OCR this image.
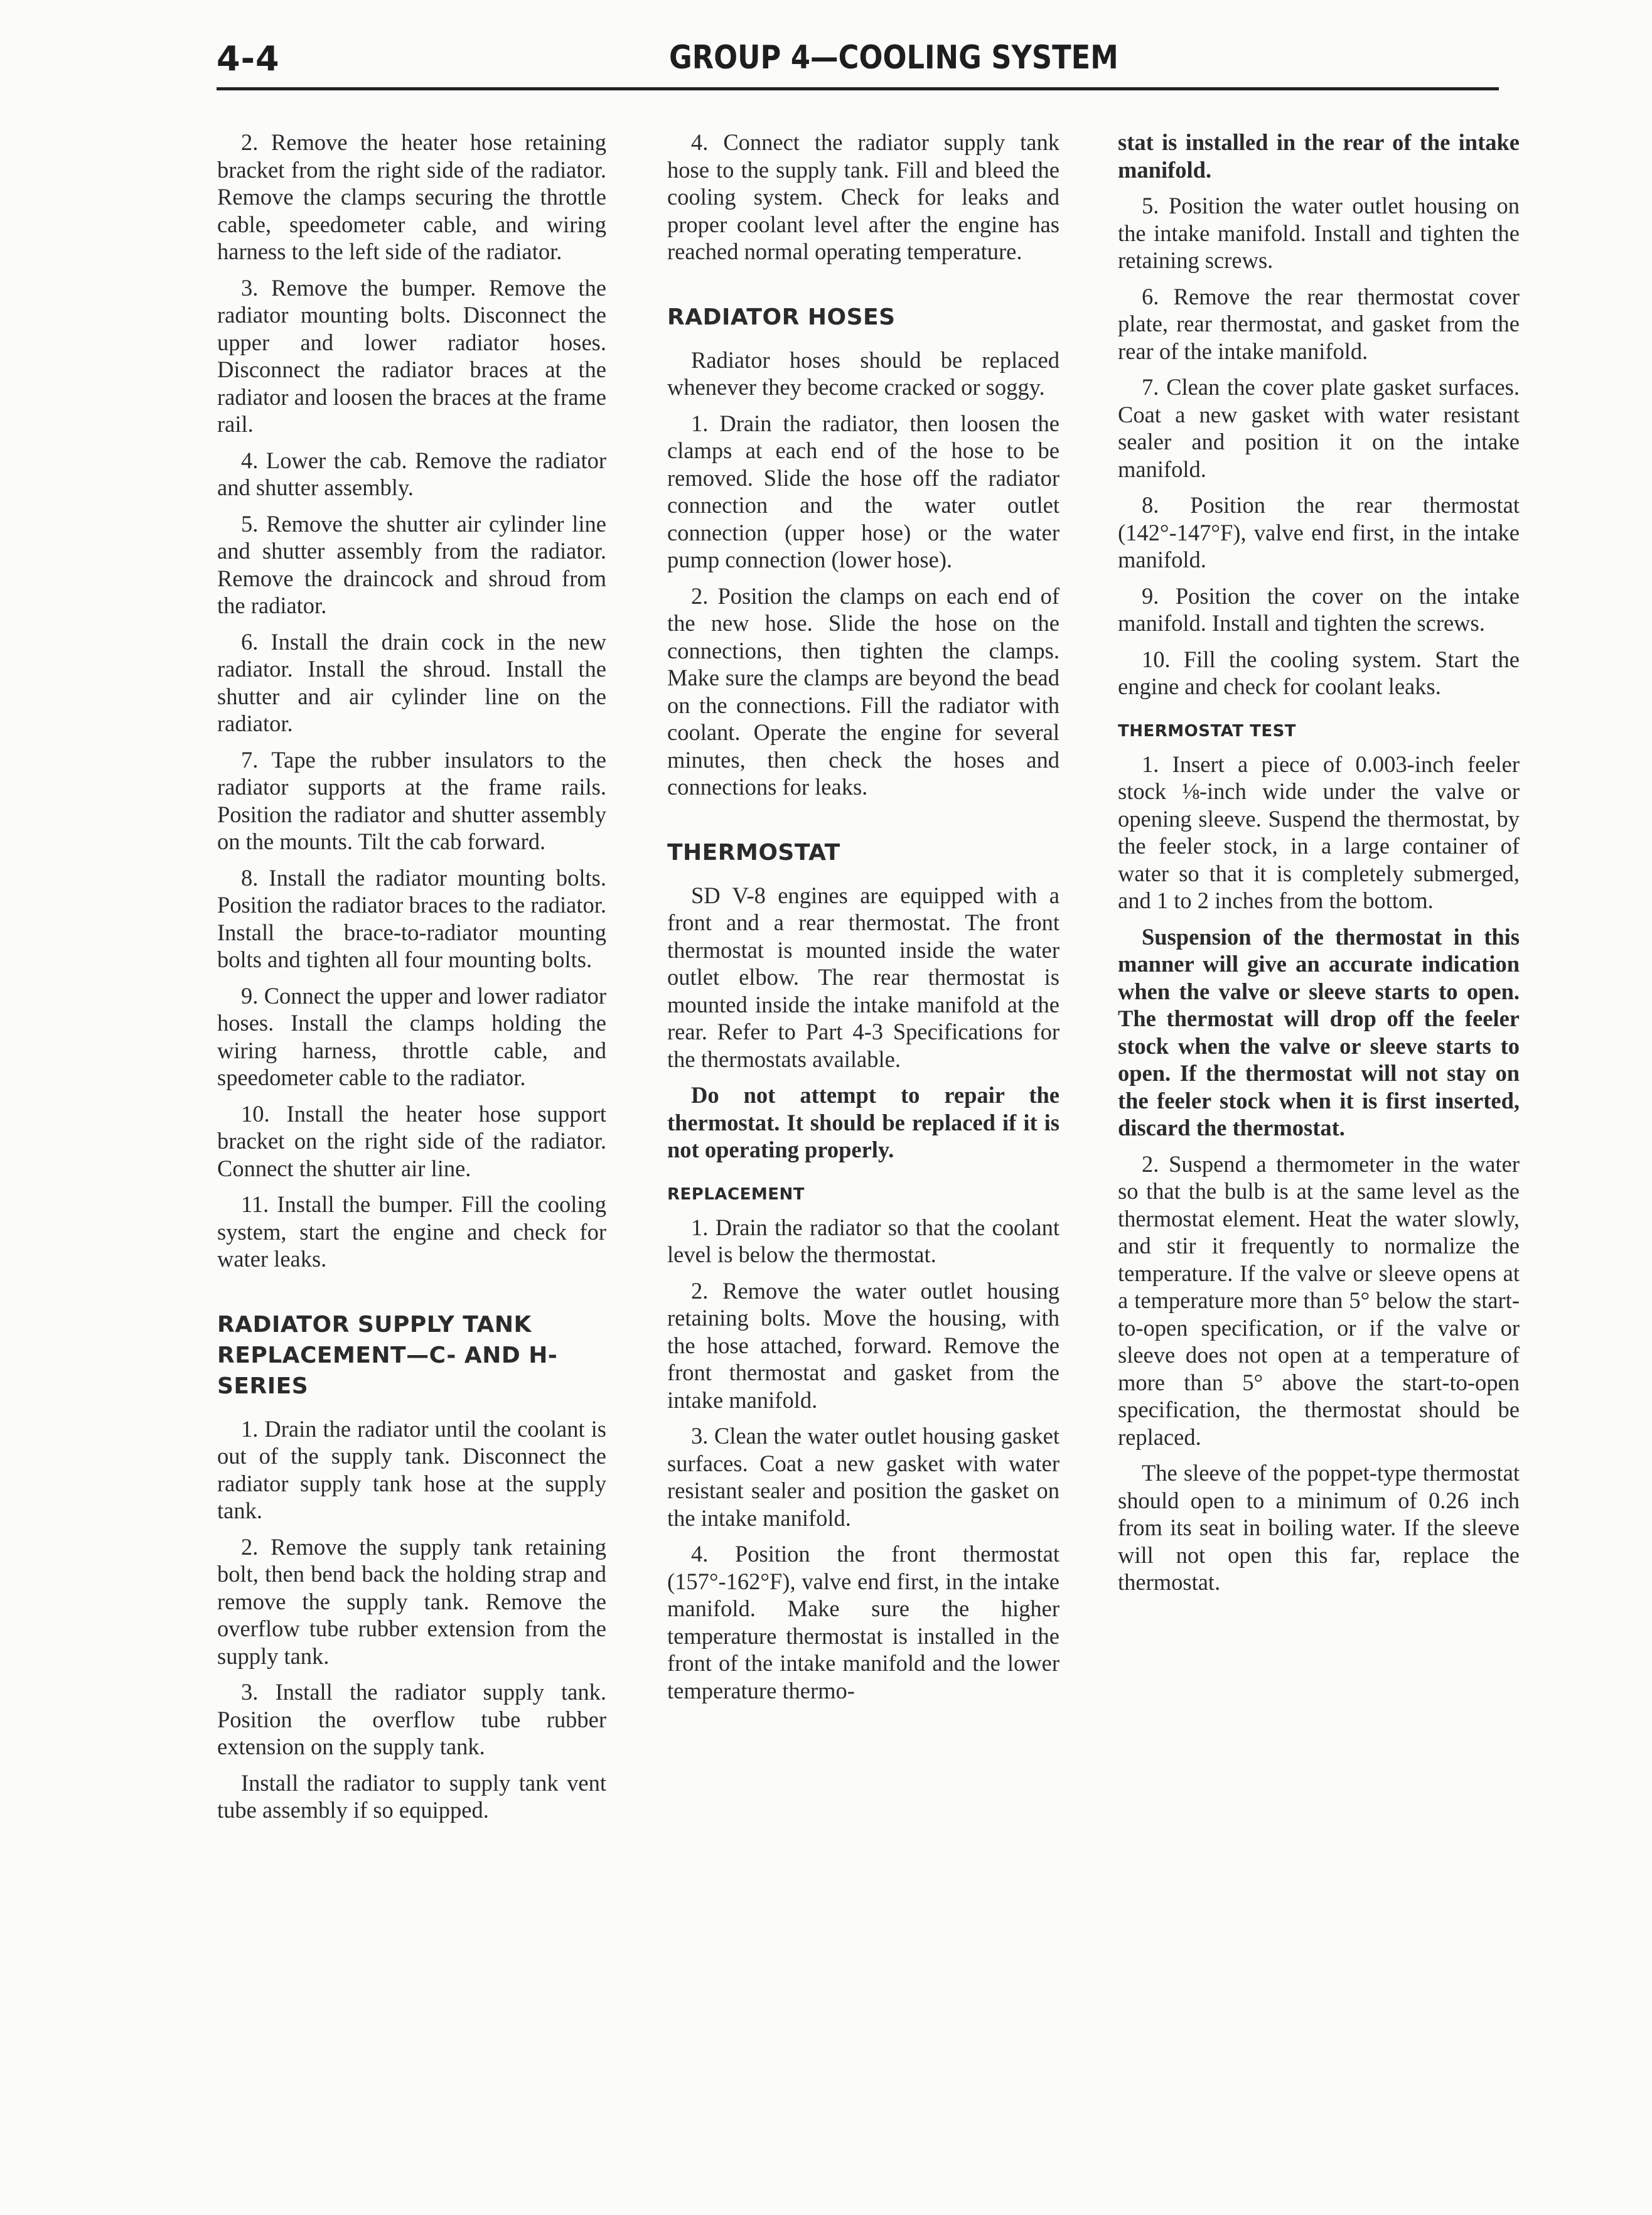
4-4	GROUP 4—COOLING SYSTEM

2. Remove the heater hose retaining bracket from the right side of the radiator. Remove the clamps securing the throttle cable, speedometer cable, and wiring harness to the left side of the radiator.

3. Remove the bumper. Remove the radiator mounting bolts. Disconnect the upper and lower radiator hoses. Disconnect the radiator braces at the radiator and loosen the braces at the frame rail.

4. Lower the cab. Remove the radiator and shutter assembly.

5. Remove the shutter air cylinder line and shutter assembly from the radiator. Remove the draincock and shroud from the radiator.

6. Install the drain cock in the new radiator. Install the shroud. Install the shutter and air cylinder line on the radiator.

7. Tape the rubber insulators to the radiator supports at the frame rails. Position the radiator and shutter assembly on the mounts. Tilt the cab forward.

8. Install the radiator mounting bolts. Position the radiator braces to the radiator. Install the brace-to-radiator mounting bolts and tighten all four mounting bolts.

9. Connect the upper and lower radiator hoses. Install the clamps holding the wiring harness, throttle cable, and speedometer cable to the radiator.

10. Install the heater hose support bracket on the right side of the radiator. Connect the shutter air line.

11. Install the bumper. Fill the cooling system, start the engine and check for water leaks.

RADIATOR SUPPLY TANK REPLACEMENT—C- AND H-SERIES

1. Drain the radiator until the coolant is out of the supply tank. Disconnect the radiator supply tank hose at the supply tank.

2. Remove the supply tank retaining bolt, then bend back the holding strap and remove the supply tank. Remove the overflow tube rubber extension from the supply tank.

3. Install the radiator supply tank. Position the overflow tube rubber extension on the supply tank.

Install the radiator to supply tank vent tube assembly if so equipped.

4. Connect the radiator supply tank hose to the supply tank. Fill and bleed the cooling system. Check for leaks and proper coolant level after the engine has reached normal operating temperature.

RADIATOR HOSES

Radiator hoses should be replaced whenever they become cracked or soggy.

1. Drain the radiator, then loosen the clamps at each end of the hose to be removed. Slide the hose off the radiator connection and the water outlet connection (upper hose) or the water pump connection (lower hose).

2. Position the clamps on each end of the new hose. Slide the hose on the connections, then tighten the clamps. Make sure the clamps are beyond the bead on the connections. Fill the radiator with coolant. Operate the engine for several minutes, then check the hoses and connections for leaks.

THERMOSTAT

SD V-8 engines are equipped with a front and a rear thermostat. The front thermostat is mounted inside the water outlet elbow. The rear thermostat is mounted inside the intake manifold at the rear. Refer to Part 4-3 Specifications for the thermostats available.

Do not attempt to repair the thermostat. It should be replaced if it is not operating properly.

REPLACEMENT

1. Drain the radiator so that the coolant level is below the thermostat.

2. Remove the water outlet housing retaining bolts. Move the housing, with the hose attached, forward. Remove the front thermostat and gasket from the intake manifold.

3. Clean the water outlet housing gasket surfaces. Coat a new gasket with water resistant sealer and position the gasket on the intake manifold.

4. Position the front thermostat (157°-162°F), valve end first, in the intake manifold. Make sure the higher temperature thermostat is installed in the front of the intake manifold and the lower temperature thermo-

stat is installed in the rear of the intake manifold.

5. Position the water outlet housing on the intake manifold. Install and tighten the retaining screws.

6. Remove the rear thermostat cover plate, rear thermostat, and gasket from the rear of the intake manifold.

7. Clean the cover plate gasket surfaces. Coat a new gasket with water resistant sealer and position it on the intake manifold.

8. Position the rear thermostat (142°-147°F), valve end first, in the intake manifold.

9. Position the cover on the intake manifold. Install and tighten the screws.

10. Fill the cooling system. Start the engine and check for coolant leaks.

THERMOSTAT TEST

1. Insert a piece of 0.003-inch feeler stock ⅛-inch wide under the valve or opening sleeve. Suspend the thermostat, by the feeler stock, in a large container of water so that it is completely submerged, and 1 to 2 inches from the bottom.

Suspension of the thermostat in this manner will give an accurate indication when the valve or sleeve starts to open. The thermostat will drop off the feeler stock when the valve or sleeve starts to open. If the thermostat will not stay on the feeler stock when it is first inserted, discard the thermostat.

2. Suspend a thermometer in the water so that the bulb is at the same level as the thermostat element. Heat the water slowly, and stir it frequently to normalize the temperature. If the valve or sleeve opens at a temperature more than 5° below the start-to-open specification, or if the valve or sleeve does not open at a temperature of more than 5° above the start-to-open specification, the thermostat should be replaced.

The sleeve of the poppet-type thermostat should open to a minimum of 0.26 inch from its seat in boiling water. If the sleeve will not open this far, replace the thermostat.
